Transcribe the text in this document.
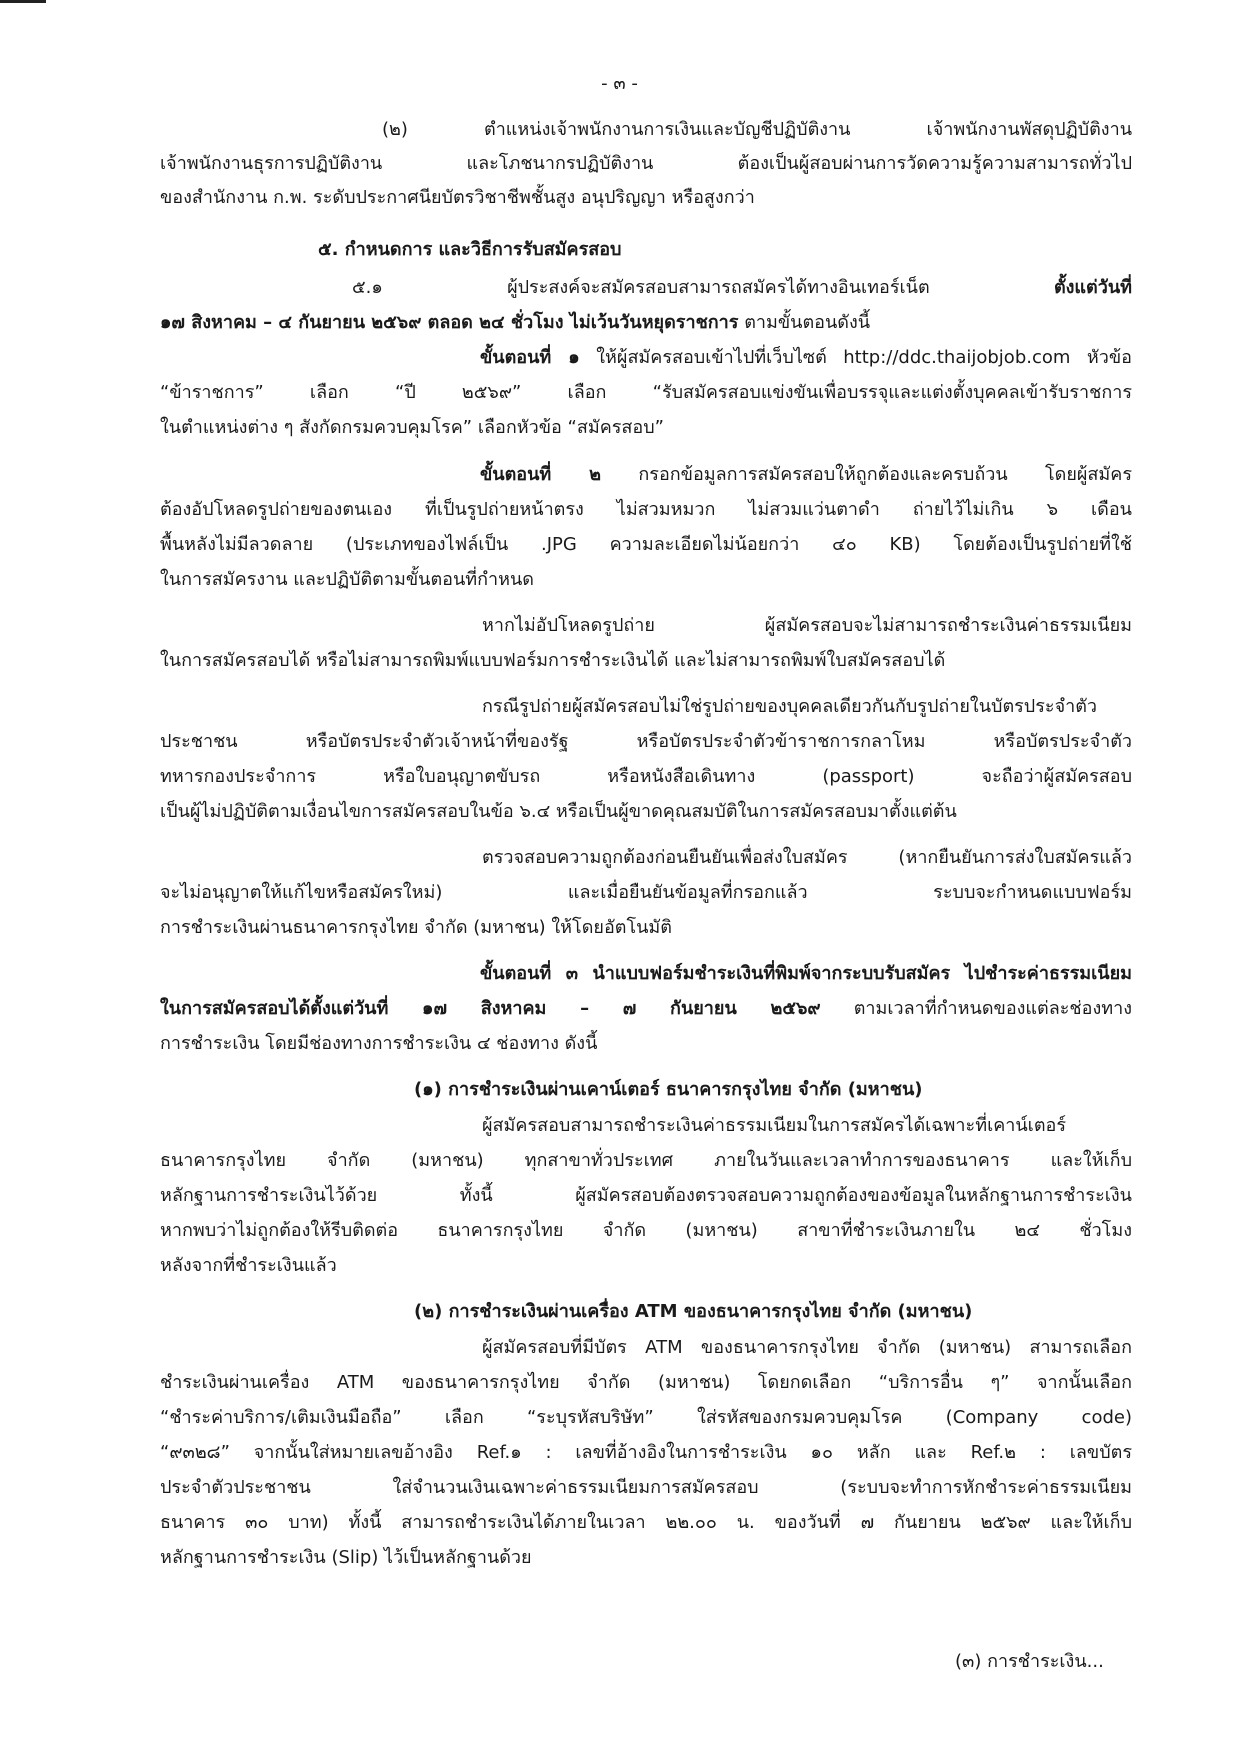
- ๓ -

(๒) ตำแหน่งเจ้าพนักงานการเงินและบัญชีปฏิบัติงาน เจ้าพนักงานพัสดุปฏิบัติงาน

เจ้าพนักงานธุรการปฏิบัติงาน และโภชนากรปฏิบัติงาน ต้องเป็นผู้สอบผ่านการวัดความรู้ความสามารถทั่วไป

ของสำนักงาน ก.พ. ระดับประกาศนียบัตรวิชาชีพชั้นสูง อนุปริญญา หรือสูงกว่า

๕. กำหนดการ และวิธีการรับสมัครสอบ

๕.๑ ผู้ประสงค์จะสมัครสอบสามารถสมัครได้ทางอินเทอร์เน็ต ตั้งแต่วันที่

๑๗ สิงหาคม – ๔ กันยายน ๒๕๖๙ ตลอด ๒๔ ชั่วโมง ไม่เว้นวันหยุดราชการ ตามขั้นตอนดังนี้

ขั้นตอนที่ ๑ ให้ผู้สมัครสอบเข้าไปที่เว็บไซต์ http://ddc.thaijobjob.com หัวข้อ

“ข้าราชการ” เลือก “ปี ๒๕๖๙” เลือก “รับสมัครสอบแข่งขันเพื่อบรรจุและแต่งตั้งบุคคลเข้ารับราชการ

ในตำแหน่งต่าง ๆ สังกัดกรมควบคุมโรค” เลือกหัวข้อ “สมัครสอบ”

ขั้นตอนที่ ๒ กรอกข้อมูลการสมัครสอบให้ถูกต้องและครบถ้วน โดยผู้สมัคร

ต้องอัปโหลดรูปถ่ายของตนเอง ที่เป็นรูปถ่ายหน้าตรง ไม่สวมหมวก ไม่สวมแว่นตาดำ ถ่ายไว้ไม่เกิน ๖ เดือน

พื้นหลังไม่มีลวดลาย (ประเภทของไฟล์เป็น .JPG ความละเอียดไม่น้อยกว่า ๔๐ KB) โดยต้องเป็นรูปถ่ายที่ใช้

ในการสมัครงาน และปฏิบัติตามขั้นตอนที่กำหนด

หากไม่อัปโหลดรูปถ่าย ผู้สมัครสอบจะไม่สามารถชำระเงินค่าธรรมเนียม

ในการสมัครสอบได้ หรือไม่สามารถพิมพ์แบบฟอร์มการชำระเงินได้ และไม่สามารถพิมพ์ใบสมัครสอบได้

กรณีรูปถ่ายผู้สมัครสอบไม่ใช่รูปถ่ายของบุคคลเดียวกันกับรูปถ่ายในบัตรประจำตัว

ประชาชน หรือบัตรประจำตัวเจ้าหน้าที่ของรัฐ หรือบัตรประจำตัวข้าราชการกลาโหม หรือบัตรประจำตัว

ทหารกองประจำการ หรือใบอนุญาตขับรถ หรือหนังสือเดินทาง (passport) จะถือว่าผู้สมัครสอบ

เป็นผู้ไม่ปฏิบัติตามเงื่อนไขการสมัครสอบในข้อ ๖.๔ หรือเป็นผู้ขาดคุณสมบัติในการสมัครสอบมาตั้งแต่ต้น

ตรวจสอบความถูกต้องก่อนยืนยันเพื่อส่งใบสมัคร (หากยืนยันการส่งใบสมัครแล้ว

จะไม่อนุญาตให้แก้ไขหรือสมัครใหม่) และเมื่อยืนยันข้อมูลที่กรอกแล้ว ระบบจะกำหนดแบบฟอร์ม

การชำระเงินผ่านธนาคารกรุงไทย จำกัด (มหาชน) ให้โดยอัตโนมัติ

ขั้นตอนที่ ๓ นำแบบฟอร์มชำระเงินที่พิมพ์จากระบบรับสมัคร ไปชำระค่าธรรมเนียม

ในการสมัครสอบได้ตั้งแต่วันที่ ๑๗ สิงหาคม – ๗ กันยายน ๒๕๖๙ ตามเวลาที่กำหนดของแต่ละช่องทาง

การชำระเงิน โดยมีช่องทางการชำระเงิน ๔ ช่องทาง ดังนี้

(๑) การชำระเงินผ่านเคาน์เตอร์ ธนาคารกรุงไทย จำกัด (มหาชน)

ผู้สมัครสอบสามารถชำระเงินค่าธรรมเนียมในการสมัครได้เฉพาะที่เคาน์เตอร์

ธนาคารกรุงไทย จำกัด (มหาชน) ทุกสาขาทั่วประเทศ ภายในวันและเวลาทำการของธนาคาร และให้เก็บ

หลักฐานการชำระเงินไว้ด้วย ทั้งนี้ ผู้สมัครสอบต้องตรวจสอบความถูกต้องของข้อมูลในหลักฐานการชำระเงิน

หากพบว่าไม่ถูกต้องให้รีบติดต่อ ธนาคารกรุงไทย จำกัด (มหาชน) สาขาที่ชำระเงินภายใน ๒๔ ชั่วโมง

หลังจากที่ชำระเงินแล้ว

(๒) การชำระเงินผ่านเครื่อง ATM ของธนาคารกรุงไทย จำกัด (มหาชน)

ผู้สมัครสอบที่มีบัตร ATM ของธนาคารกรุงไทย จำกัด (มหาชน) สามารถเลือก

ชำระเงินผ่านเครื่อง ATM ของธนาคารกรุงไทย จำกัด (มหาชน) โดยกดเลือก “บริการอื่น ๆ” จากนั้นเลือก

“ชำระค่าบริการ/เติมเงินมือถือ” เลือก “ระบุรหัสบริษัท” ใส่รหัสของกรมควบคุมโรค (Company code)

“๙๓๒๘” จากนั้นใส่หมายเลขอ้างอิง Ref.๑ : เลขที่อ้างอิงในการชำระเงิน ๑๐ หลัก และ Ref.๒ : เลขบัตร

ประจำตัวประชาชน ใส่จำนวนเงินเฉพาะค่าธรรมเนียมการสมัครสอบ (ระบบจะทำการหักชำระค่าธรรมเนียม

ธนาคาร ๓๐ บาท) ทั้งนี้ สามารถชำระเงินได้ภายในเวลา ๒๒.๐๐ น. ของวันที่ ๗ กันยายน ๒๕๖๙ และให้เก็บ

หลักฐานการชำระเงิน (Slip) ไว้เป็นหลักฐานด้วย

(๓) การชำระเงิน...
